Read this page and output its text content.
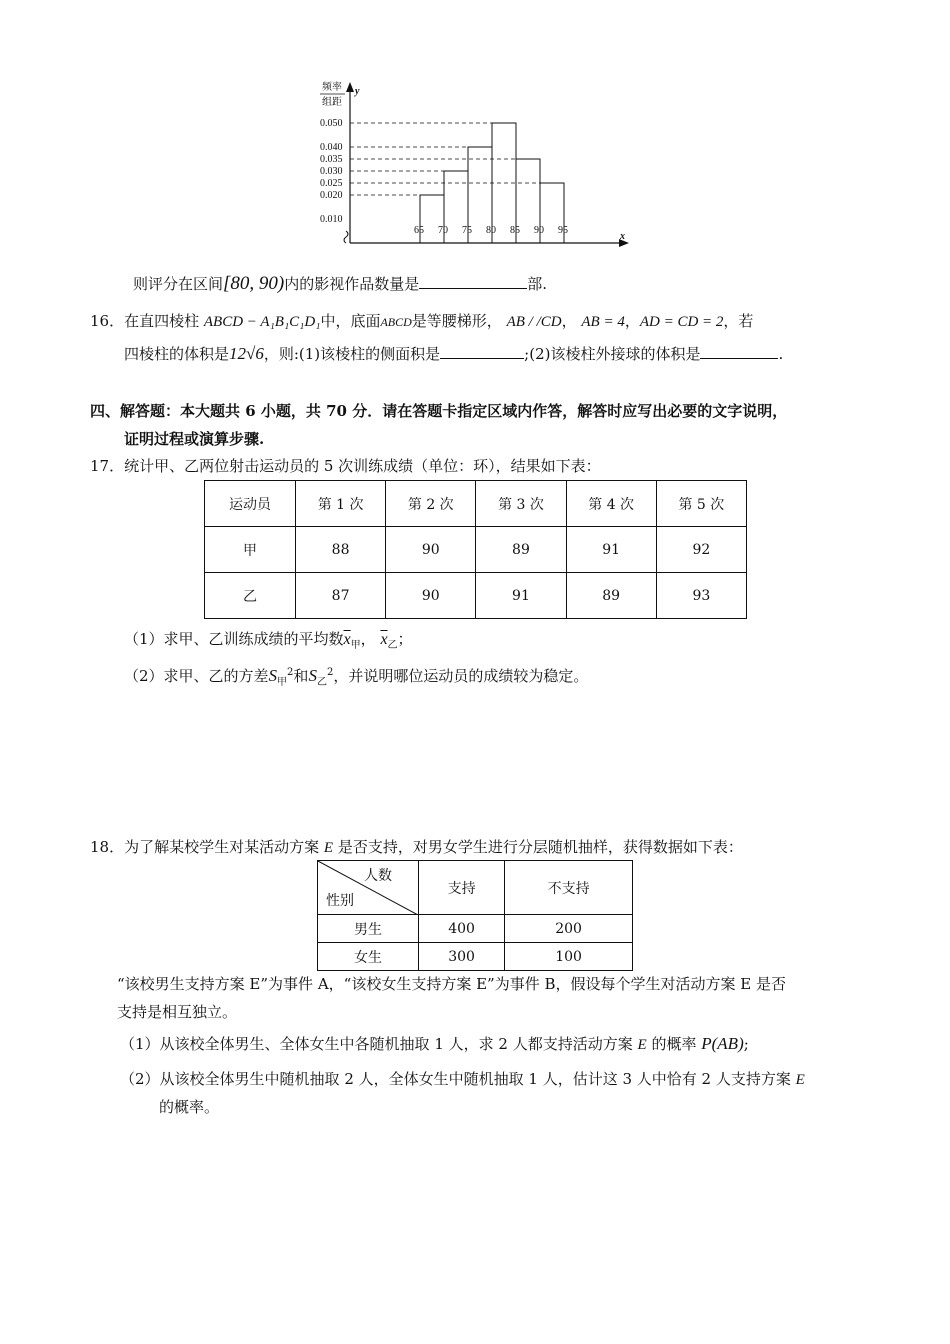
x
y
频率
组距
0.050
0.040
0.035
0.030
0.025
0.020
0.010
65 70 75 80 85 90 95
则评分在区间[80, 90)内的影视作品数量是	部.
16．在直四棱柱 ABCD − A₁B₁C₁D₁中，底面ABCD是等腰梯形， AB / /CD， AB = 4，AD = CD = 2，若
四棱柱的体积是12√6，则:(1)该棱柱的侧面积是	;(2)该棱柱外接球的体积是	.
四、解答题：本大题共 6 小题，共 70 分．请在答题卡指定区域内作答，解答时应写出必要的文字说明，
证明过程或演算步骤.
17．统计甲、乙两位射击运动员的 5 次训练成绩（单位：环），结果如下表：
运动员	第 1 次	第 2 次	第 3 次	第 4 次	第 5 次
甲	88	90	89	91	92
乙	87	90	91	89	93
（1）求甲、乙训练成绩的平均数$\overline{x}_甲$， $\overline{x}_乙$；
（2）求甲、乙的方差$S_甲^2$和$S_乙^2$，并说明哪位运动员的成绩较为稳定。
18．为了解某校学生对某活动方案 E 是否支持，对男女学生进行分层随机抽样，获得数据如下表：
人数
性别	支持	不支持
男生	400	200
女生	300	100
“该校男生支持方案 E”为事件 A，“该校女生支持方案 E”为事件 B，假设每个学生对活动方案 E 是否
支持是相互独立。
（1）从该校全体男生、全体女生中各随机抽取 1 人，求 2 人都支持活动方案 E 的概率 P(AB);
（2）从该校全体男生中随机抽取 2 人，全体女生中随机抽取 1 人，估计这 3 人中恰有 2 人支持方案 E
的概率。
